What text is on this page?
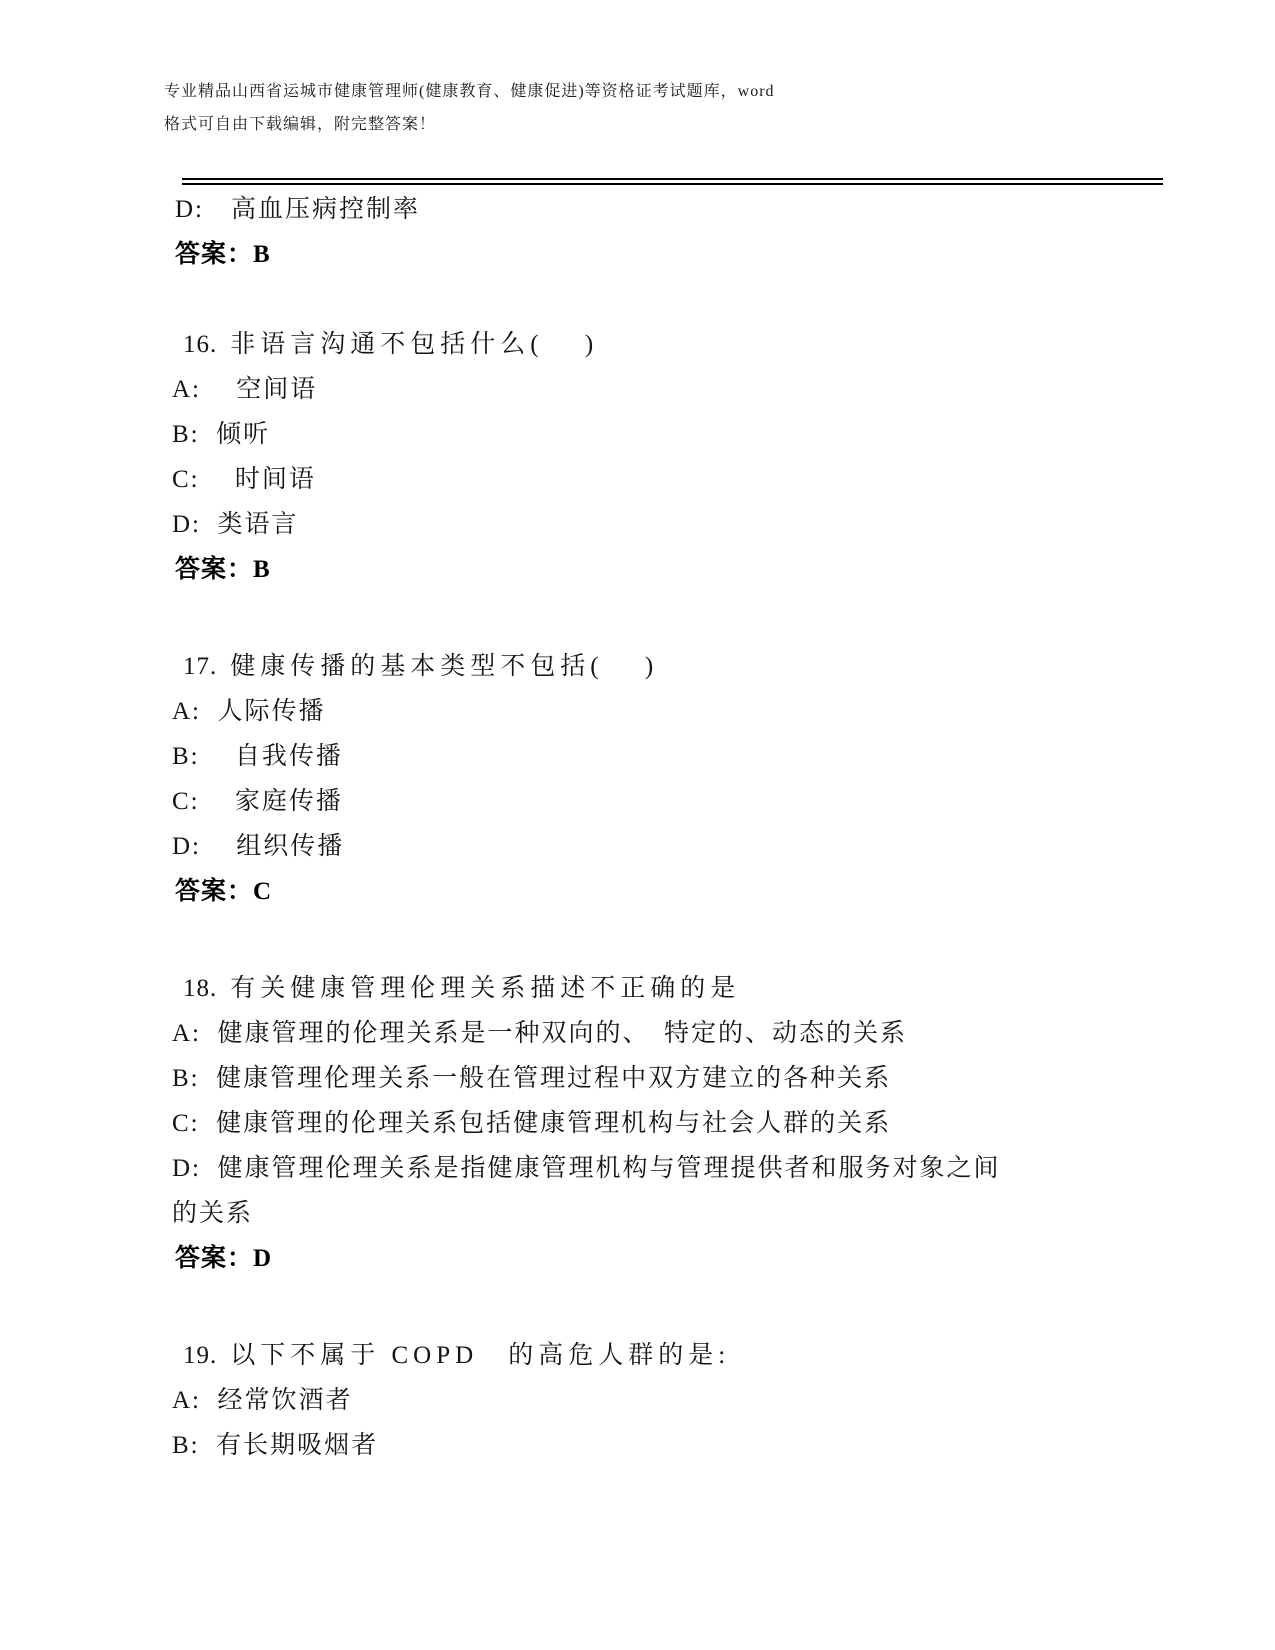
专业精品山西省运城市健康管理师(健康教育、健康促进)等资格证考试题库，word
格式可自由下载编辑，附完整答案！
D:　高血压病控制率
答案：B
16. 非语言沟通不包括什么(　 )
A:　 空间语
B:  倾听
C:　 时间语
D:  类语言
答案：B
17. 健康传播的基本类型不包括(　 )
A:  人际传播
B:　 自我传播
C:　 家庭传播
D:　 组织传播
答案：C
18. 有关健康管理伦理关系描述不正确的是
A:  健康管理的伦理关系是一种双向的、　特定的、动态的关系
B:  健康管理伦理关系一般在管理过程中双方建立的各种关系
C:  健康管理的伦理关系包括健康管理机构与社会人群的关系
D:  健康管理伦理关系是指健康管理机构与管理提供者和服务对象之间
的关系
答案：D
19. 以下不属于 COPD　的高危人群的是:
A:  经常饮酒者
B:  有长期吸烟者
